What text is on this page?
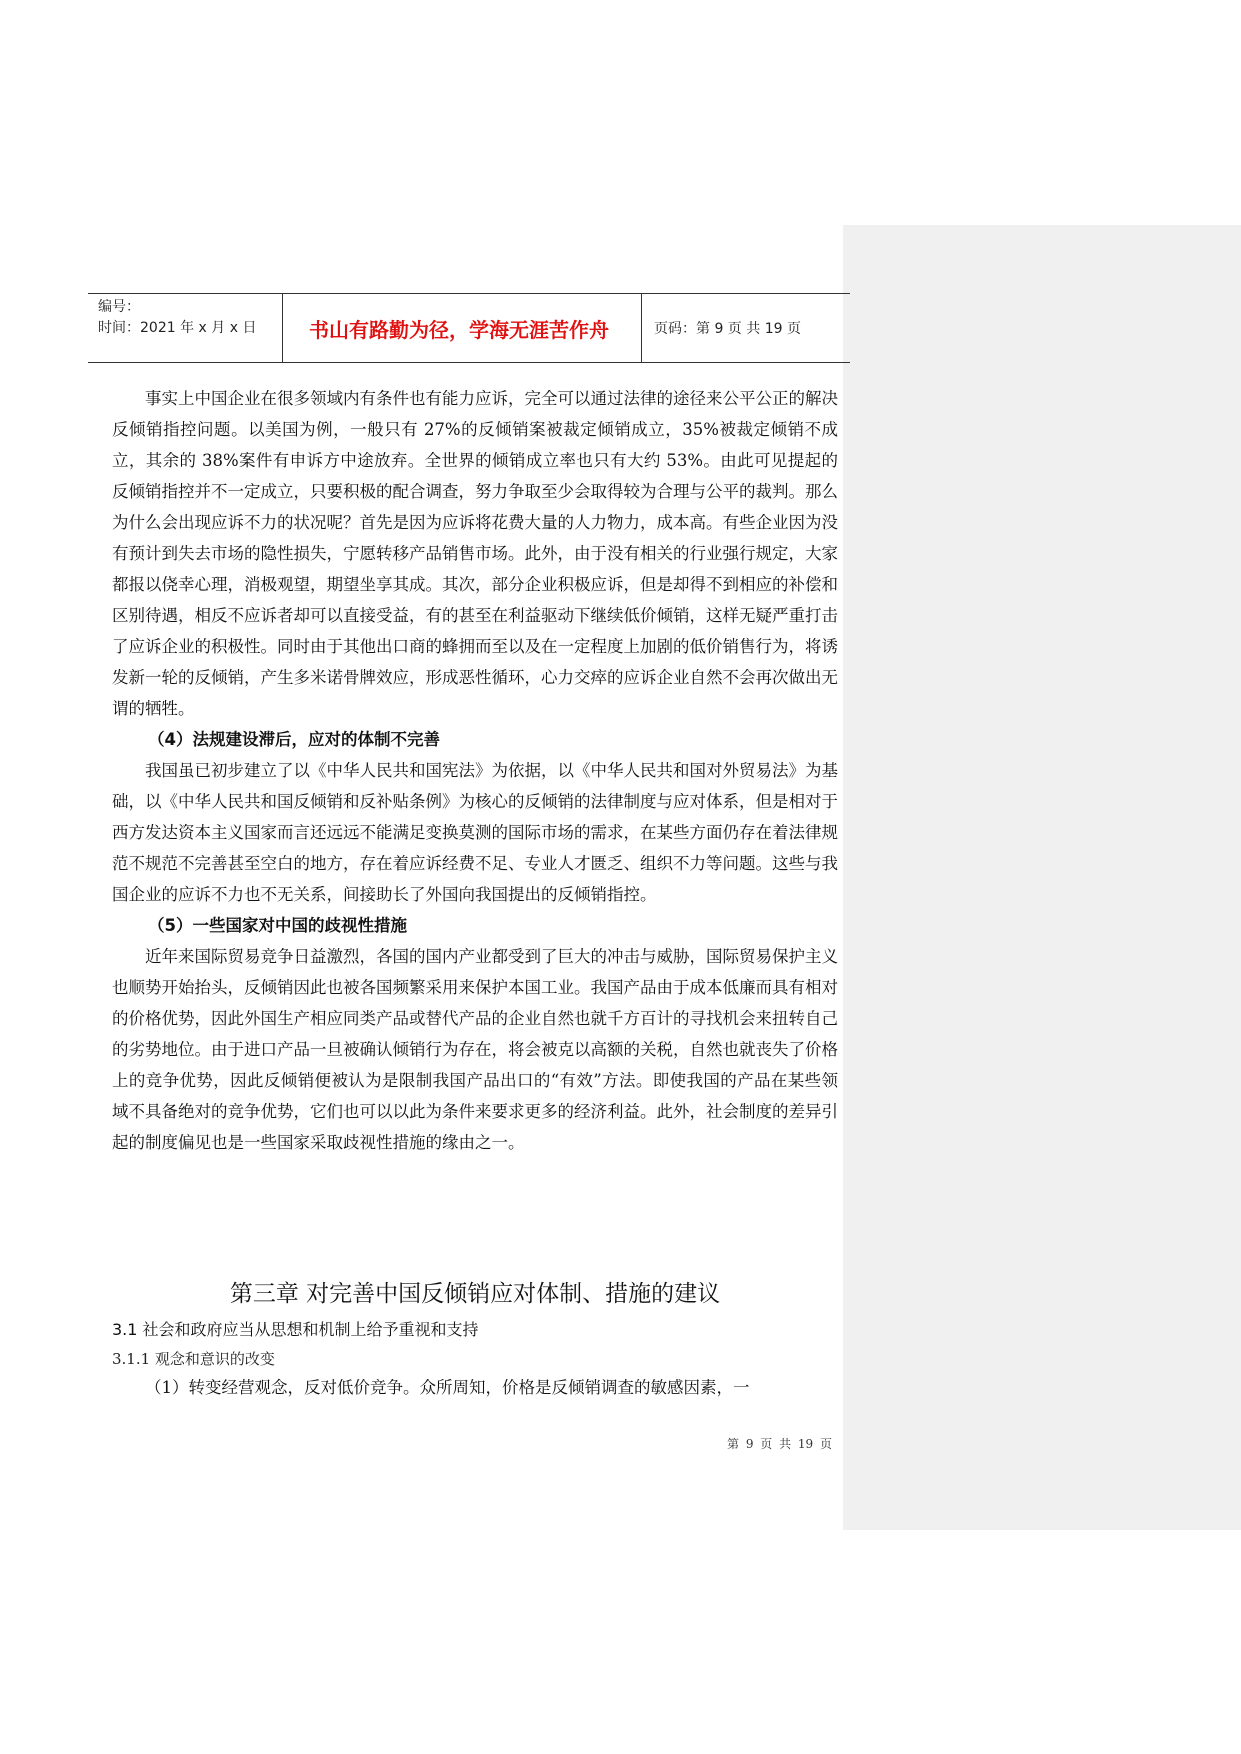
编号：
时间：2021 年 x 月 x 日	书山有路勤为径，学海无涯苦作舟	页码：第 9 页 共 19 页

事实上中国企业在很多领域内有条件也有能力应诉，完全可以通过法律的途径来公平公正的解决反倾销指控问题。以美国为例，一般只有 27%的反倾销案被裁定倾销成立，35%被裁定倾销不成立，其余的 38%案件有申诉方中途放弃。全世界的倾销成立率也只有大约 53%。由此可见提起的反倾销指控并不一定成立，只要积极的配合调查，努力争取至少会取得较为合理与公平的裁判。那么为什么会出现应诉不力的状况呢？首先是因为应诉将花费大量的人力物力，成本高。有些企业因为没有预计到失去市场的隐性损失，宁愿转移产品销售市场。此外，由于没有相关的行业强行规定，大家都报以侥幸心理，消极观望，期望坐享其成。其次，部分企业积极应诉，但是却得不到相应的补偿和区别待遇，相反不应诉者却可以直接受益，有的甚至在利益驱动下继续低价倾销，这样无疑严重打击了应诉企业的积极性。同时由于其他出口商的蜂拥而至以及在一定程度上加剧的低价销售行为，将诱发新一轮的反倾销，产生多米诺骨牌效应，形成恶性循环，心力交瘁的应诉企业自然不会再次做出无谓的牺牲。

（4）法规建设滞后，应对的体制不完善

我国虽已初步建立了以《中华人民共和国宪法》为依据，以《中华人民共和国对外贸易法》为基础，以《中华人民共和国反倾销和反补贴条例》为核心的反倾销的法律制度与应对体系，但是相对于西方发达资本主义国家而言还远远不能满足变换莫测的国际市场的需求，在某些方面仍存在着法律规范不规范不完善甚至空白的地方，存在着应诉经费不足、专业人才匮乏、组织不力等问题。这些与我国企业的应诉不力也不无关系，间接助长了外国向我国提出的反倾销指控。

（5）一些国家对中国的歧视性措施

近年来国际贸易竞争日益激烈，各国的国内产业都受到了巨大的冲击与威胁，国际贸易保护主义也顺势开始抬头，反倾销因此也被各国频繁采用来保护本国工业。我国产品由于成本低廉而具有相对的价格优势，因此外国生产相应同类产品或替代产品的企业自然也就千方百计的寻找机会来扭转自己的劣势地位。由于进口产品一旦被确认倾销行为存在，将会被克以高额的关税，自然也就丧失了价格上的竞争优势，因此反倾销便被认为是限制我国产品出口的“有效”方法。即使我国的产品在某些领域不具备绝对的竞争优势，它们也可以以此为条件来要求更多的经济利益。此外，社会制度的差异引起的制度偏见也是一些国家采取歧视性措施的缘由之一。

第三章 对完善中国反倾销应对体制、措施的建议
3.1 社会和政府应当从思想和机制上给予重视和支持
3.1.1 观念和意识的改变

（1）转变经营观念，反对低价竞争。众所周知，价格是反倾销调查的敏感因素，一

第 9 页 共 19 页
